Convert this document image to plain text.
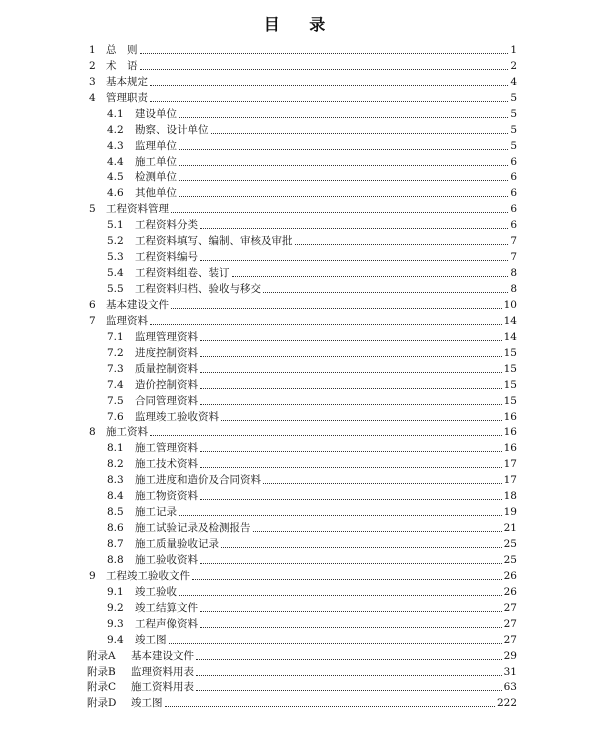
目 录
1 总　则	1
2 术　语	2
3 基本规定	4
4 管理职责	5
4.1	建设单位	5
4.2	勘察、设计单位	5
4.3	监理单位	5
4.4	施工单位	6
4.5	检测单位	6
4.6	其他单位	6
5 工程资料管理	6
5.1	工程资料分类	6
5.2	工程资料填写、编制、审核及审批	7
5.3	工程资料编号	7
5.4	工程资料组卷、装订	8
5.5	工程资料归档、验收与移交	8
6 基本建设文件	10
7 监理资料	14
7.1	监理管理资料	14
7.2	进度控制资料	15
7.3	质量控制资料	15
7.4	造价控制资料	15
7.5	合同管理资料	15
7.6	监理竣工验收资料	16
8 施工资料	16
8.1	施工管理资料	16
8.2	施工技术资料	17
8.3	施工进度和造价及合同资料	17
8.4	施工物资资料	18
8.5	施工记录	19
8.6	施工试验记录及检测报告	21
8.7	施工质量验收记录	25
8.8	施工验收资料	25
9 工程竣工验收文件	26
9.1	竣工验收	26
9.2	竣工结算文件	27
9.3	工程声像资料	27
9.4	竣工图	27
附录A	基本建设文件	29
附录B	监理资料用表	31
附录C	施工资料用表	63
附录D	竣工图	222
